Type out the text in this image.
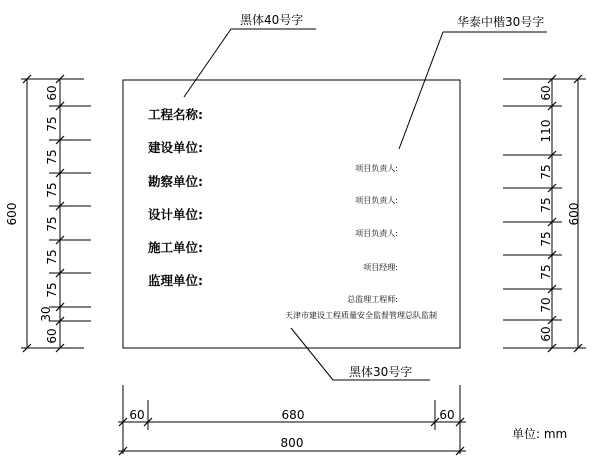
工程名称:
建设单位:
勘察单位:
设计单位:
施工单位:
监理单位:
项目负责人:
项目负责人:
项目负责人:
项目经理:
总监理工程师:
天津市建设工程质量安全监督管理总队监制
黑体40号字	华泰中楷30号字
黑体30号字
600
60
75
75
75
75
75
75
30
60
600
60
110
75
75
75
75
70
60
60	680	60
800
单位: mm
